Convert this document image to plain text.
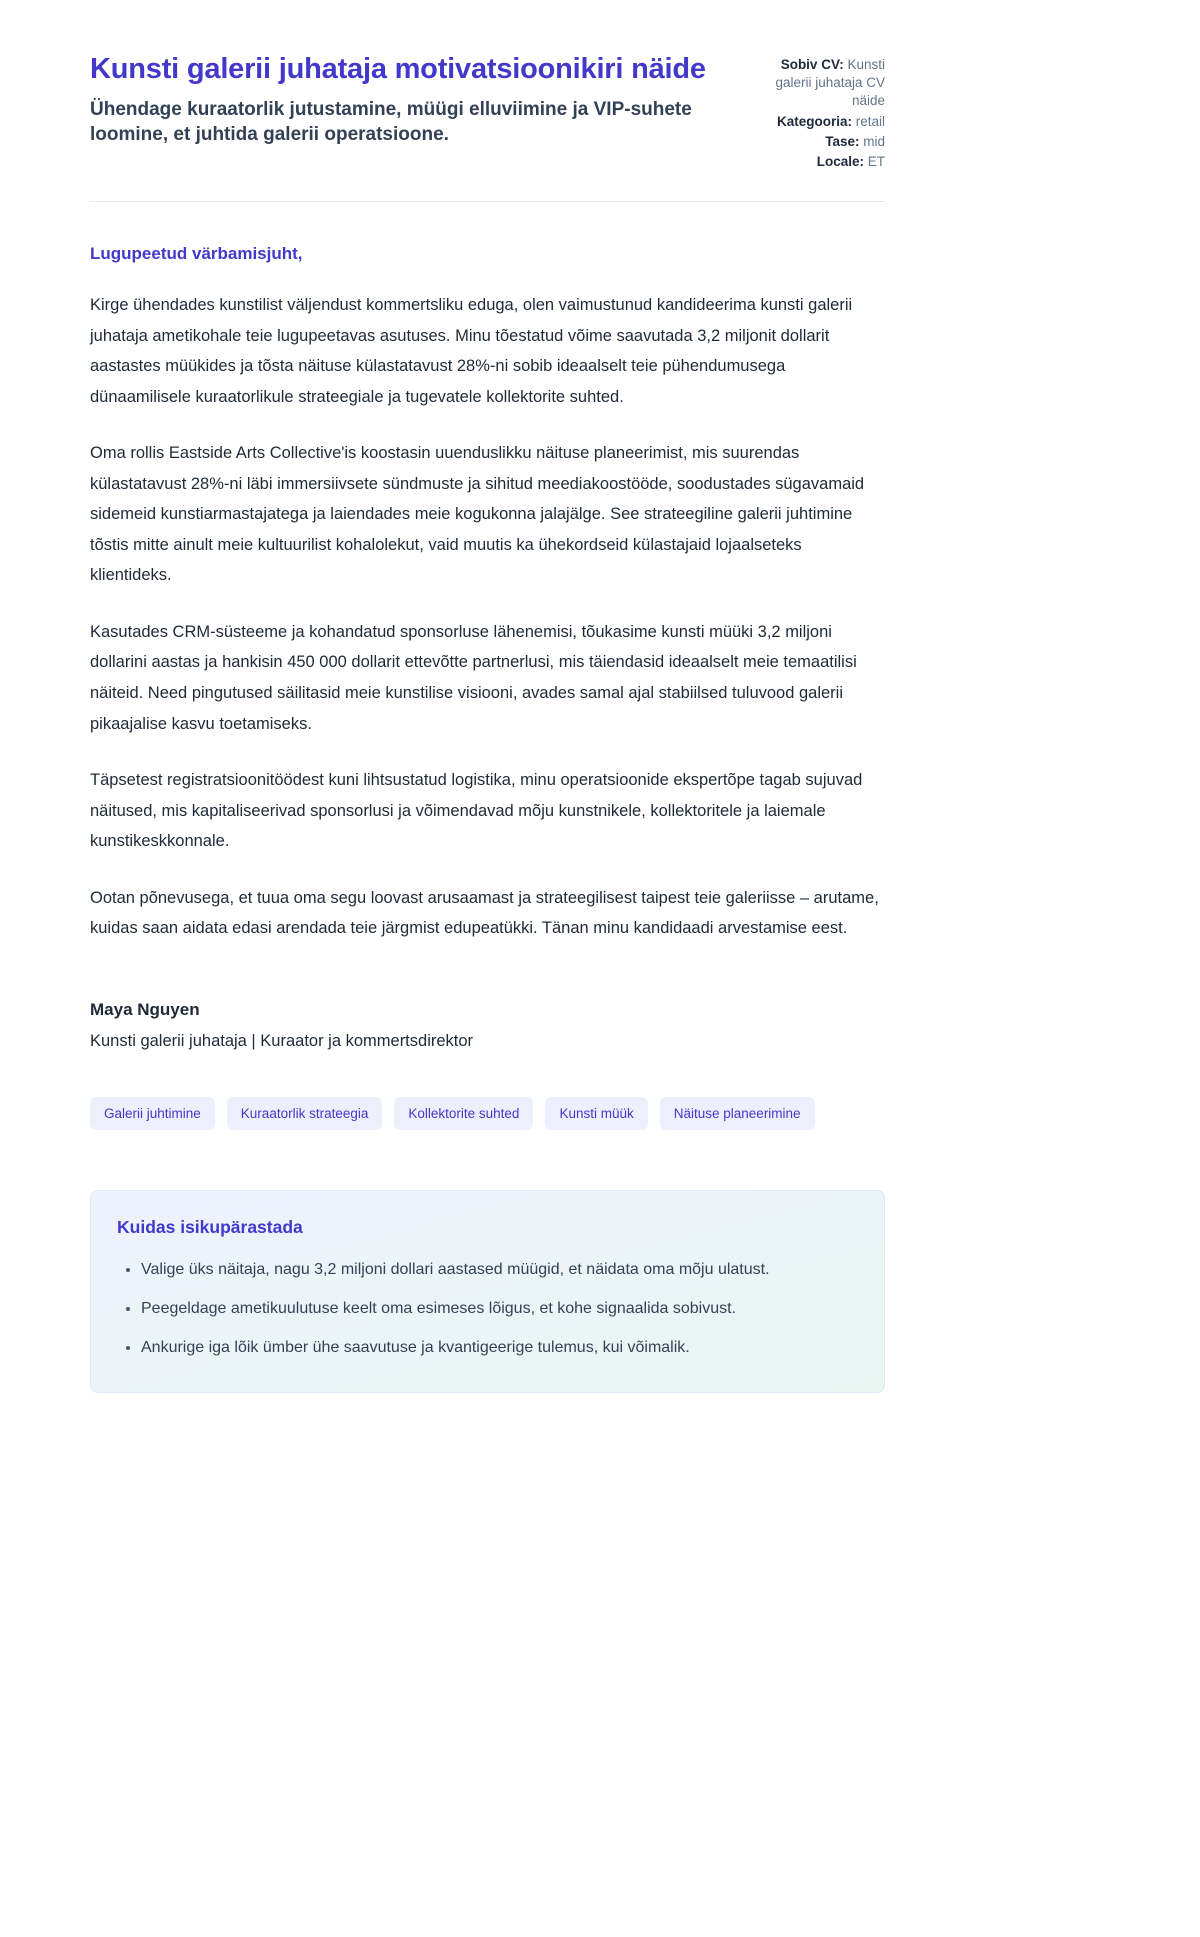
Kunsti galerii juhataja motivatsioonikiri näide

Ühendage kuraatorlik jutustamine, müügi elluviimine ja VIP-suhete loomine, et juhtida galerii operatsioone.

Sobiv CV: Kunsti galerii juhataja CV näide
Kategooria: retail
Tase: mid
Locale: ET

Lugupeetud värbamisjuht,

Kirge ühendades kunstilist väljendust kommertsliku eduga, olen vaimustunud kandideerima kunsti galerii juhataja ametikohale teie lugupeetavas asutuses. Minu tõestatud võime saavutada 3,2 miljonit dollarit aastastes müükides ja tõsta näituse külastatavust 28%-ni sobib ideaalselt teie pühendumusega dünaamilisele kuraatorlikule strateegiale ja tugevatele kollektorite suhted.

Oma rollis Eastside Arts Collective'is koostasin uuenduslikku näituse planeerimist, mis suurendas külastatavust 28%-ni läbi immersiivsete sündmuste ja sihitud meediakoostööde, soodustades sügavamaid sidemeid kunstiarmastajatega ja laiendades meie kogukonna jalajälge. See strateegiline galerii juhtimine tõstis mitte ainult meie kultuurilist kohalolekut, vaid muutis ka ühekordseid külastajaid lojaalseteks klientideks.

Kasutades CRM-süsteeme ja kohandatud sponsorluse lähenemisi, tõukasime kunsti müüki 3,2 miljoni dollarini aastas ja hankisin 450 000 dollarit ettevõtte partnerlusi, mis täiendasid ideaalselt meie temaatilisi näiteid. Need pingutused säilitasid meie kunstilise visiooni, avades samal ajal stabiilsed tuluvood galerii pikaajalise kasvu toetamiseks.

Täpsetest registratsioonitöödest kuni lihtsustatud logistika, minu operatsioonide ekspertõpe tagab sujuvad näitused, mis kapitaliseerivad sponsorlusi ja võimendavad mõju kunstnikele, kollektoritele ja laiemale kunstikeskkonnale.

Ootan põnevusega, et tuua oma segu loovast arusaamast ja strateegilisest taipest teie galeriisse – arutame, kuidas saan aidata edasi arendada teie järgmist edupeatükki. Tänan minu kandidaadi arvestamise eest.

Maya Nguyen

Kunsti galerii juhataja | Kuraator ja kommertsdirektor

Galerii juhtimine	Kuraatorlik strateegia	Kollektorite suhted	Kunsti müük	Näituse planeerimine
Kuidas isikupärastada
• Valige üks näitaja, nagu 3,2 miljoni dollari aastased müügid, et näidata oma mõju ulatust.
• Peegeldage ametikuulutuse keelt oma esimeses lõigus, et kohe signaalida sobivust.
• Ankurige iga lõik ümber ühe saavutuse ja kvantigeerige tulemus, kui võimalik.
